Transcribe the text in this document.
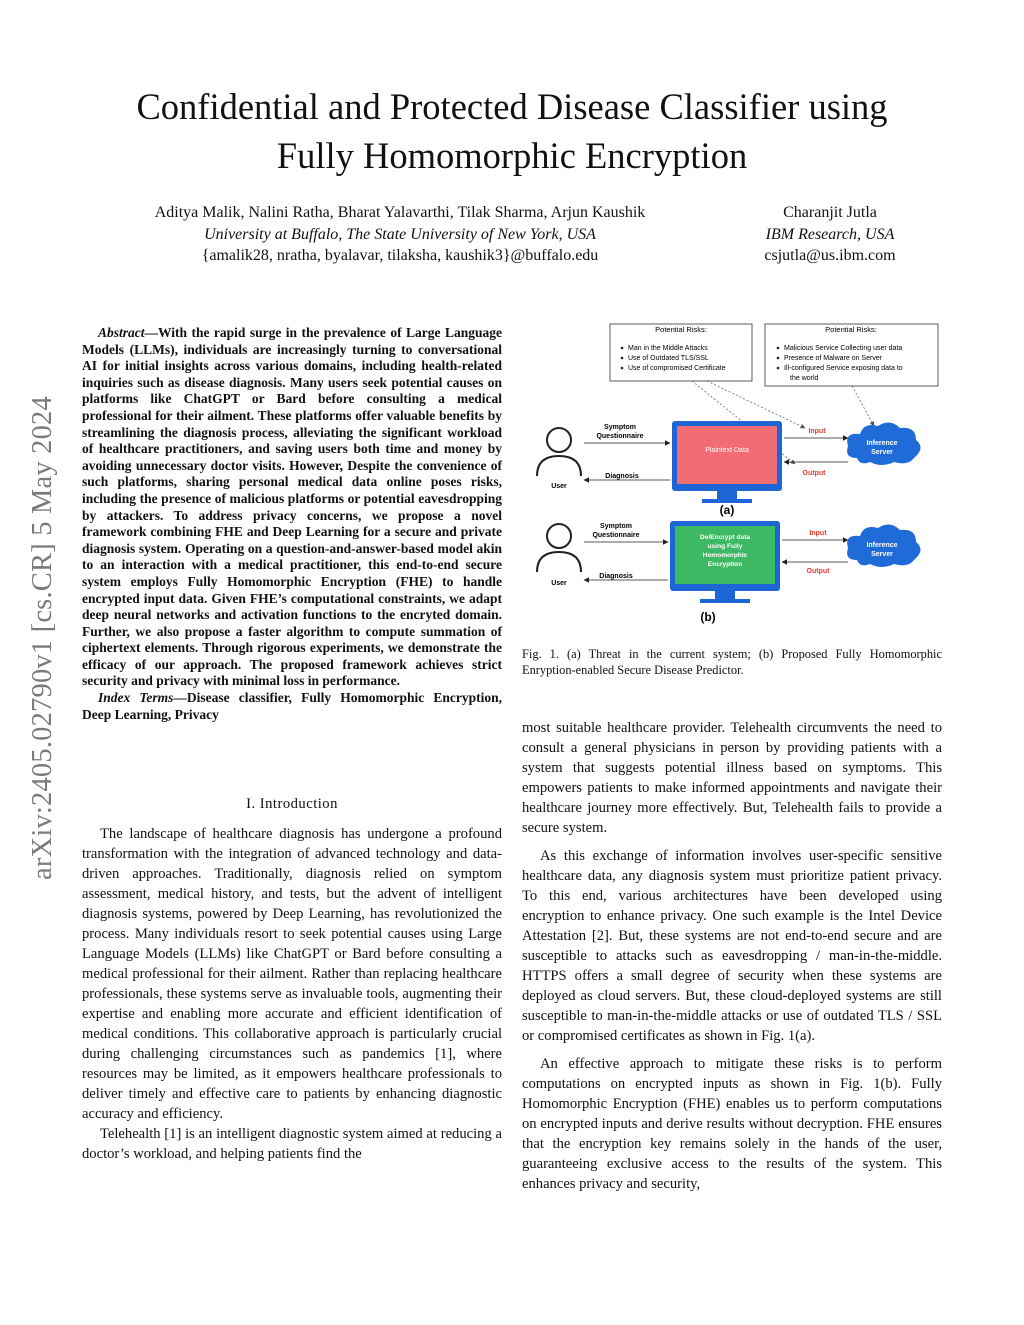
Confidential and Protected Disease Classifier using
Fully Homomorphic Encryption
Aditya Malik, Nalini Ratha, Bharat Yalavarthi, Tilak Sharma, Arjun Kaushik
University at Buffalo, The State University of New York, USA
{amalik28, nratha, byalavar, tilaksha, kaushik3}@buffalo.edu
Charanjit Jutla
IBM Research, USA
csjutla@us.ibm.com
arXiv:2405.02790v1 [cs.CR] 5 May 2024

Abstract—With the rapid surge in the prevalence of Large Language Models (LLMs), individuals are increasingly turning to conversational AI for initial insights across various domains, including health-related inquiries such as disease diagnosis. Many users seek potential causes on platforms like ChatGPT or Bard before consulting a medical professional for their ailment. These platforms offer valuable benefits by streamlining the diagnosis process, alleviating the significant workload of healthcare practitioners, and saving users both time and money by avoiding unnecessary doctor visits. However, Despite the convenience of such platforms, sharing personal medical data online poses risks, including the presence of malicious platforms or potential eavesdropping by attackers. To address privacy concerns, we propose a novel framework combining FHE and Deep Learning for a secure and private diagnosis system. Operating on a question-and-answer-based model akin to an interaction with a medical practitioner, this end-to-end secure system employs Fully Homomorphic Encryption (FHE) to handle encrypted input data. Given FHE’s computational constraints, we adapt deep neural networks and activation functions to the encryted domain. Further, we also propose a faster algorithm to compute summation of ciphertext elements. Through rigorous experiments, we demonstrate the efficacy of our approach. The proposed framework achieves strict security and privacy with minimal loss in performance.

Index Terms—Disease classifier, Fully Homomorphic Encryption, Deep Learning, Privacy

I. Introduction

The landscape of healthcare diagnosis has undergone a profound transformation with the integration of advanced technology and data-driven approaches. Traditionally, diagnosis relied on symptom assessment, medical history, and tests, but the advent of intelligent diagnosis systems, powered by Deep Learning, has revolutionized the process. Many individuals resort to seek potential causes using Large Language Models (LLMs) like ChatGPT or Bard before consulting a medical professional for their ailment. Rather than replacing healthcare professionals, these systems serve as invaluable tools, augmenting their expertise and enabling more accurate and efficient identification of medical conditions. This collaborative approach is particularly crucial during challenging circumstances such as pandemics [1], where resources may be limited, as it empowers healthcare professionals to deliver timely and effective care to patients by enhancing diagnostic accuracy and efficiency.

Telehealth [1] is an intelligent diagnostic system aimed at reducing a doctor’s workload, and helping patients find the

Potential Risks:
Man in the Middle Attacks
Use of Outdated TLS/SSL
Use of compromised Certificate
Potential Risks:
Malicious Service Collecting user data
Presence of Malware on Server
Ill-configured Service exposing data to
the world
User
Symptom
Questionnaire
Diagnosis
Plaintext Data
(a)
Input
Output
Inference
Server
User
Symptom
Questionnaire
Diagnosis
De/Encrypt data
using Fully
Homomorphic
Encryption
(b)
Input
Output
Inference
Server
Fig. 1. (a) Threat in the current system; (b) Proposed Fully Homomorphic Enryption-enabled Secure Disease Predictor.

most suitable healthcare provider. Telehealth circumvents the need to consult a general physicians in person by providing patients with a system that suggests potential illness based on symptoms. This empowers patients to make informed appointments and navigate their healthcare journey more effectively. But, Telehealth fails to provide a secure system.

As this exchange of information involves user-specific sensitive healthcare data, any diagnosis system must prioritize patient privacy. To this end, various architectures have been developed using encryption to enhance privacy. One such example is the Intel Device Attestation [2]. But, these systems are not end-to-end secure and are susceptible to attacks such as eavesdropping / man-in-the-middle. HTTPS offers a small degree of security when these systems are deployed as cloud servers. But, these cloud-deployed systems are still susceptible to man-in-the-middle attacks or use of outdated TLS / SSL or compromised certificates as shown in Fig. 1(a).

An effective approach to mitigate these risks is to perform computations on encrypted inputs as shown in Fig. 1(b). Fully Homomorphic Encryption (FHE) enables us to perform computations on encrypted inputs and derive results without decryption. FHE ensures that the encryption key remains solely in the hands of the user, guaranteeing exclusive access to the results of the system. This enhances privacy and security,
